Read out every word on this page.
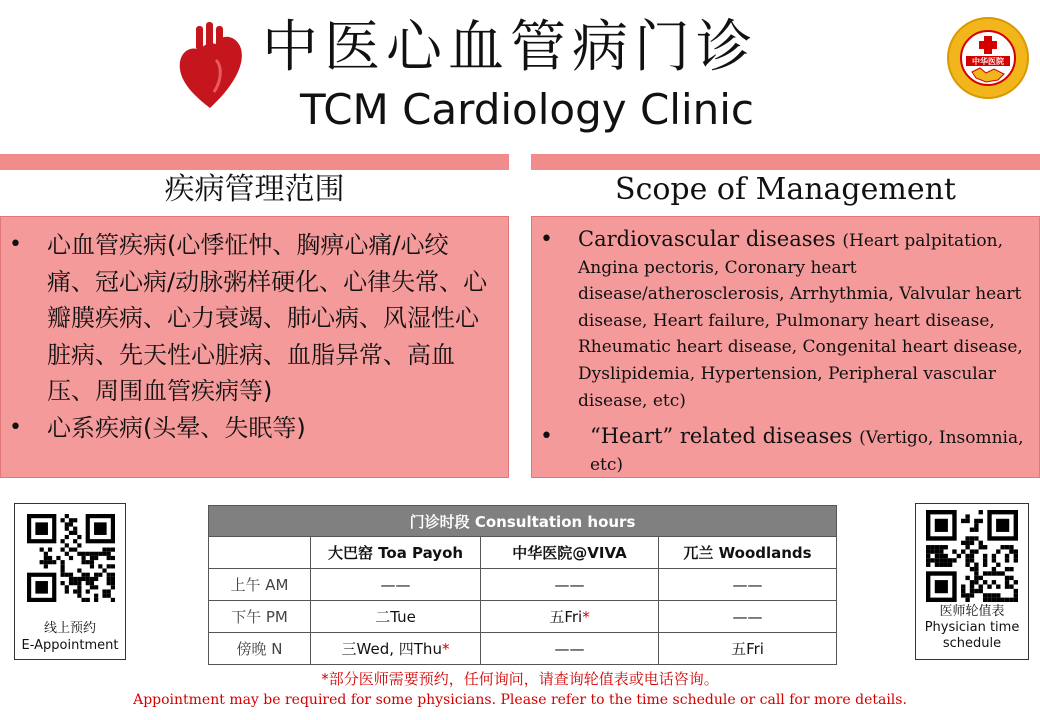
中医心血管病门诊
TCM Cardiology Clinic
中华医院
疾病管理范围
• 心血管疾病(心悸怔忡、胸痹心痛/心绞痛、冠心病/动脉粥样硬化、心律失常、心瓣膜疾病、心力衰竭、肺心病、风湿性心脏病、先天性心脏病、血脂异常、高血压、周围血管疾病等)
• 心系疾病(头晕、失眠等)
Scope of Management
• Cardiovascular diseases (Heart palpitation, Angina pectoris, Coronary heart disease/atherosclerosis, Arrhythmia, Valvular heart disease, Heart failure, Pulmonary heart disease, Rheumatic heart disease, Congenital heart disease, Dyslipidemia, Hypertension, Peripheral vascular disease, etc)
• “Heart” related diseases (Vertigo, Insomnia, etc)
线上预约
E-Appointment
医师轮值表
Physician time schedule
门诊时段 Consultation hours			
	大巴窑 Toa Payoh	中华医院@VIVA	兀兰 Woodlands
上午 AM	——	——	——
下午 PM	二Tue	五Fri*	——
傍晚 N	三Wed, 四Thu*	——	五Fri
*部分医师需要预约，任何询问，请查询轮值表或电话咨询。
Appointment may be required for some physicians. Please refer to the time schedule or call for more details.
